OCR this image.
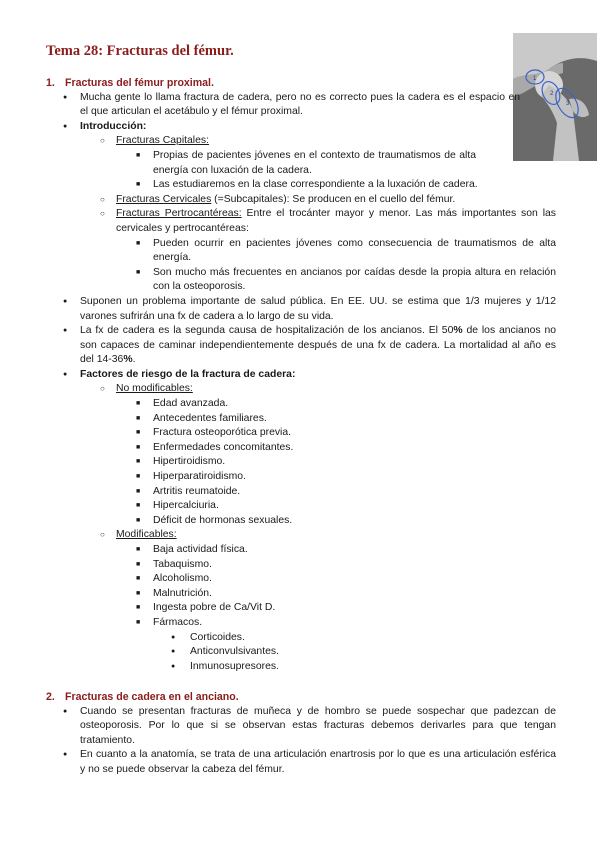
Tema 28: Fracturas del fémur.
1
2
3
1. Fracturas del fémur proximal.
● Mucha gente lo llama fractura de cadera, pero no es correcto pues la cadera es el espacio en el que articulan el acetábulo y el fémur proximal.
● Introducción:
○ Fracturas Capitales:
■ Propias de pacientes jóvenes en el contexto de traumatismos de alta energía con luxación de la cadera.
■ Las estudiaremos en la clase correspondiente a la luxación de cadera.
○ Fracturas Cervicales (=Subcapitales): Se producen en el cuello del fémur.
○ Fracturas Pertrocantéreas: Entre el trocánter mayor y menor. Las más importantes son las cervicales y pertrocantéreas:
■ Pueden ocurrir en pacientes jóvenes como consecuencia de traumatismos de alta energía.
■ Son mucho más frecuentes en ancianos por caídas desde la propia altura en relación con la osteoporosis.
● Suponen un problema importante de salud pública. En EE. UU. se estima que 1/3 mujeres y 1/12 varones sufrirán una fx de cadera a lo largo de su vida.
● La fx de cadera es la segunda causa de hospitalización de los ancianos. El 50% de los ancianos no son capaces de caminar independientemente después de una fx de cadera. La mortalidad al año es del 14-36%.
● Factores de riesgo de la fractura de cadera:
○ No modificables:
■ Edad avanzada.
■ Antecedentes familiares.
■ Fractura osteoporótica previa.
■ Enfermedades concomitantes.
■ Hipertiroidismo.
■ Hiperparatiroidismo.
■ Artritis reumatoide.
■ Hipercalciuria.
■ Déficit de hormonas sexuales.
○ Modificables:
■ Baja actividad física.
■ Tabaquismo.
■ Alcoholismo.
■ Malnutrición.
■ Ingesta pobre de Ca/Vit D.
■ Fármacos.
● Corticoides.
● Anticonvulsivantes.
● Inmunosupresores.
2. Fracturas de cadera en el anciano.
● Cuando se presentan fracturas de muñeca y de hombro se puede sospechar que padezcan de osteoporosis. Por lo que si se observan estas fracturas debemos derivarles para que tengan tratamiento.
● En cuanto a la anatomía, se trata de una articulación enartrosis por lo que es una articulación esférica y no se puede observar la cabeza del fémur.
